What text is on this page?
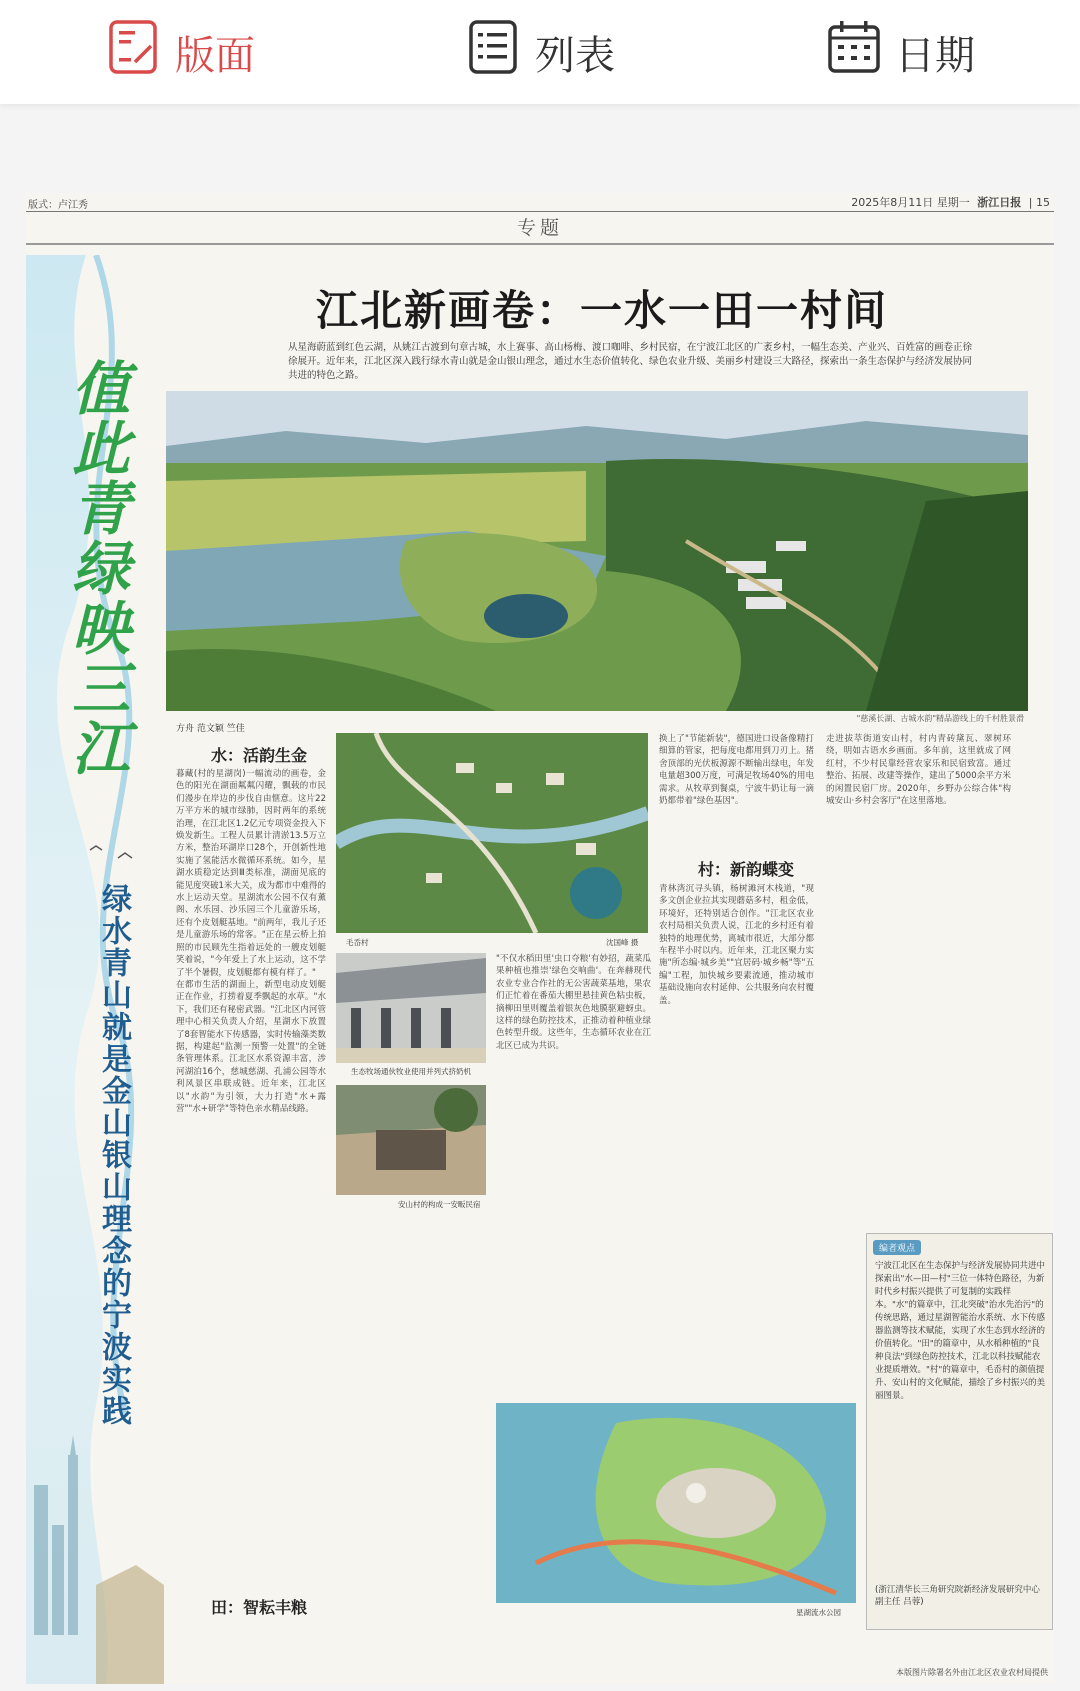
版面	列表	日期
版式：卢江秀	2025年8月11日 星期一 浙江日报 | 15
专题
值此青绿映三江
绿水青山就是金山银山理念的宁波实践
江北新画卷：一水一田一村间
从星海蔚蓝到红色云湖，从姚江古渡到句章古城，水上赛事、高山杨梅、渡口咖啡、乡村民宿，在宁波江北区的广袤乡村，一幅生态美、产业兴、百姓富的画卷正徐徐展开。近年来，江北区深入践行绿水青山就是金山银山理念，通过水生态价值转化、绿色农业升级、美丽乡村建设三大路径，探索出一条生态保护与经济发展协同共进的特色之路。
"慈溪长湖、古城水韵"精品游线上的千村胜景滑
方舟 范文颖 竺佳
水：活韵生金
暮藏(村的星湖岗)一幅流动的画卷，金色的阳光在湖面粼粼闪耀，飘载的市民们漫步在岸边的步伐自由惬意。这片22万平方米的城市绿肺，因时两年的系统治理，在江北区1.2亿元专项资金投入下焕发新生。工程人员累计清淤13.5万立方米，整治环湖岸口28个，开创新性地实施了氢能活水微循环系统。如今，星湖水质稳定达到Ⅲ类标准，湖面见底的能见度突破1米大关，成为都市中难得的水上运动天堂。星湖流水公园不仅有薰阁、水乐园、沙乐园三个儿童游乐场，还有个皮划艇基地。"前两年，我儿子还是儿童游乐场的常客。"正在星云桥上拍照的市民顾先生指着远处的一艘皮划艇笑着说，"今年爱上了水上运动，这不学了半个暑假，皮划艇都有模有样了。"
在都市生活的湖面上，新型电动皮划艇正在作业，打捞着夏季飘起的水草。"水下，我们还有秘密武器。"江北区内河管理中心相关负责人介绍，星湖水下放置了8套智能水下传感器，实时传输藻类数据，构建起"监测一预警一处置"的全链条管理体系。江北区水系资源丰富，涉河湖泊16个，慈城慈湖、孔浦公园等水利风景区串联成链。近年来，江北区以"水韵"为引领，大力打造"水+露营""水+研学"等特色亲水精品线路。
田：智耘丰粮
毛岙村	沈国峰 摄
生态牧场通伙牧业使用并列式挤奶机
安山村的构成一安畈民宿
"不仅水稻田里'虫口夺粮'有妙招，蔬菜瓜果种植也推崇'绿色交响曲'。在奔赫现代农业专业合作社的无公害蔬菜基地，果农们正忙着在番茄大棚里悬挂黄色粘虫板，摘柳田里则覆盖着银灰色地膜驱避蚜虫。这样的绿色防控技术，正推动着种植业绿色转型升级。这些年，生态循环农业在江北区已成为共识。
换上了"节能新装"，德国进口设备像精打细算的管家，把每度电都用到刀刃上。猪舍顶部的光伏板源源不断输出绿电，年发电量超300万度，可满足牧场40%的用电需求。从牧草到餐桌，宁波牛奶让每一滴奶都带着"绿色基因"。
村：新韵蝶变
青林湾沉寻头镇，杨树滩河木栈道，"现多文创企业拉其实现蘑菇多村，租金低，环境好，还特别适合创作。"江北区农业农村局相关负责人说，江北的乡村还有着独特的地理优势，离城市很近，大部分都车程半小时以内。近年来，江北区聚力实施"所态编·城乡美""宜居码·城乡畅"等"五编"工程，加快城乡要素流通，推动城市基础设施向农村延伸、公共服务向农村覆盖。
走进拔萃街道安山村，村内青砖黛瓦、翠树环绕，明如古语水乡画面。多年前，这里就成了网红村，不少村民靠经营农家乐和民宿致富。通过整治、拓展、改建等操作，建出了5000余平方米的闲置民宿厂房。2020年，乡野办公综合体"构城安山·乡村会客厅"在这里落地。
星湖流水公园
编者观点
宁波江北区在生态保护与经济发展协同共进中探索出"水—田—村"三位一体特色路径，为新时代乡村振兴提供了可复制的实践样本。"水"的篇章中，江北突破"治水先治污"的传统思路，通过星湖智能治水系统、水下传感器监测等技术赋能，实现了水生态到水经济的价值转化。"田"的篇章中，从水稻种植的"良种良法"到绿色防控技术，江北以科技赋能农业提质增效。"村"的篇章中，毛岙村的颜值提升、安山村的文化赋能，描绘了乡村振兴的美丽图景。
(浙江清华长三角研究院新经济发展研究中心副主任 吕蓉)
本版图片除署名外由江北区农业农村局提供
